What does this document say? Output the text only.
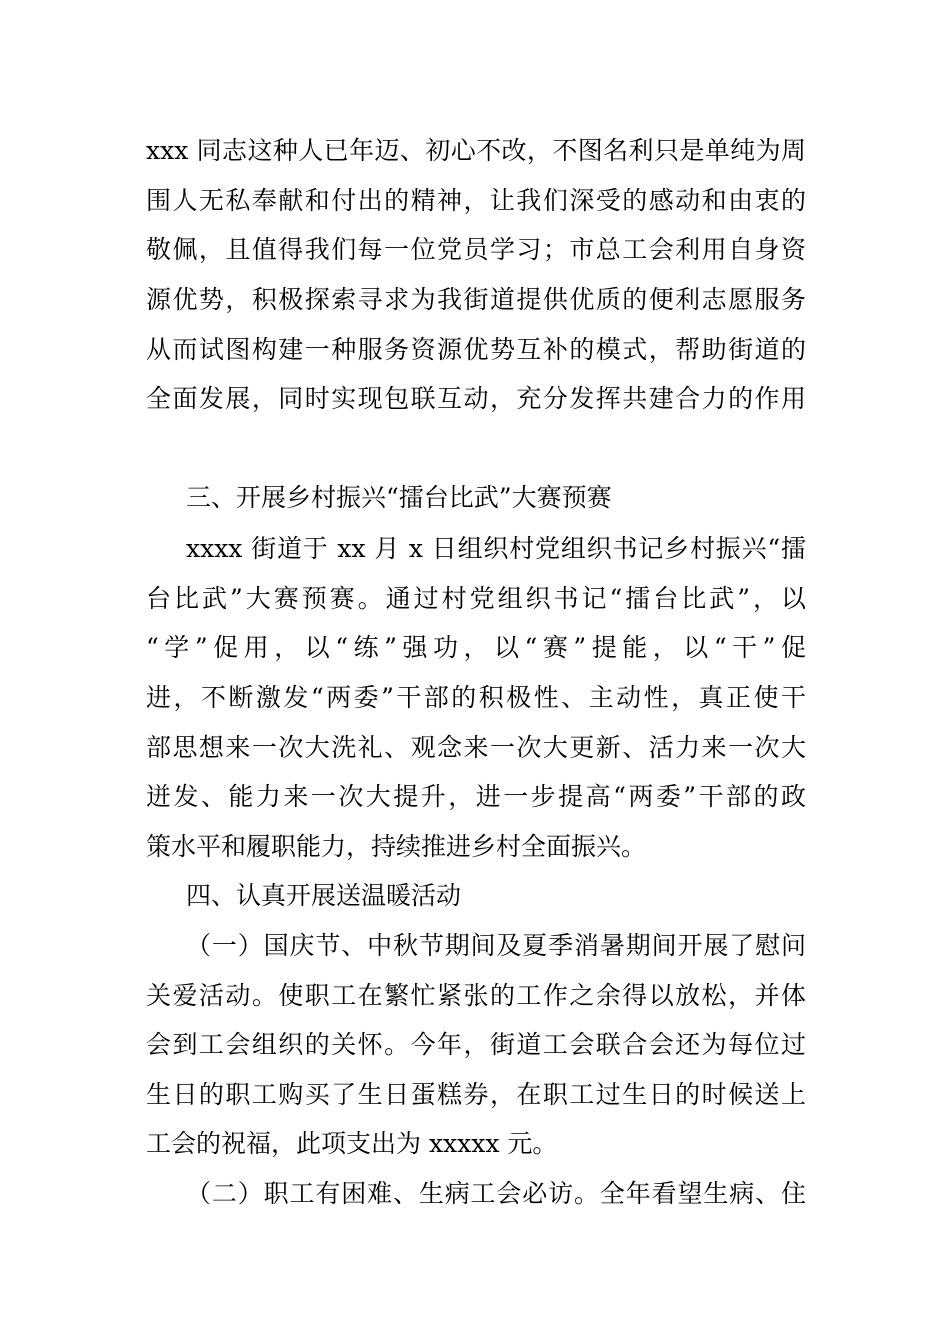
xxx 同志这种人已年迈、初心不改，不图名利只是单纯为周
围人无私奉献和付出的精神，让我们深受的感动和由衷的
敬佩，且值得我们每一位党员学习；市总工会利用自身资
源优势，积极探索寻求为我街道提供优质的便利志愿服务
从而试图构建一种服务资源优势互补的模式，帮助街道的
全面发展，同时实现包联互动，充分发挥共建合力的作用
三、开展乡村振兴“擂台比武”大赛预赛
xxxx 街道于 xx 月 x 日组织村党组织书记乡村振兴“擂
台比武”大赛预赛。通过村党组织书记“擂台比武”，以
“学”促用，以“练”强功，以“赛”提能，以“干”促
进，不断激发“两委”干部的积极性、主动性，真正使干
部思想来一次大洗礼、观念来一次大更新、活力来一次大
迸发、能力来一次大提升，进一步提高“两委”干部的政
策水平和履职能力，持续推进乡村全面振兴。
四、认真开展送温暖活动
（一）国庆节、中秋节期间及夏季消暑期间开展了慰问
关爱活动。使职工在繁忙紧张的工作之余得以放松，并体
会到工会组织的关怀。今年，街道工会联合会还为每位过
生日的职工购买了生日蛋糕券，在职工过生日的时候送上
工会的祝福，此项支出为 xxxxx 元。
（二）职工有困难、生病工会必访。全年看望生病、住
